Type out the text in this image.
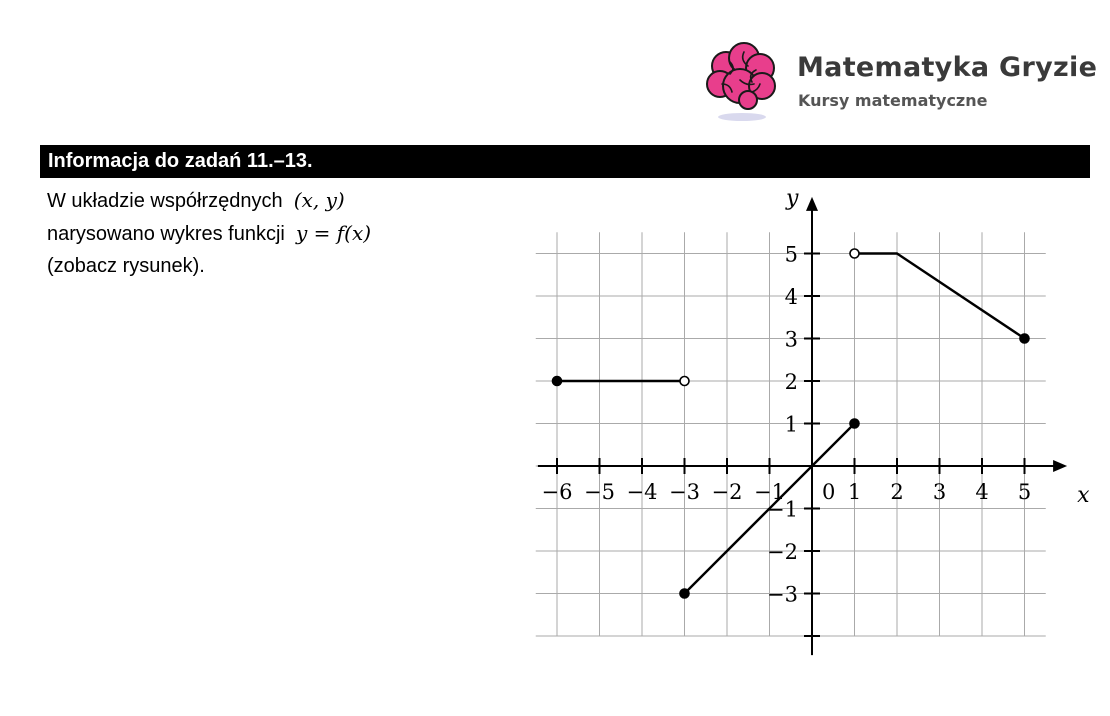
Matematyka Gryzie
Kursy matematyczne
Informacja do zadań 11.–13.
W układzie współrzędnych (x, y)
narysowano wykres funkcji y = f(x)
(zobacz rysunek).
−6 −5 −4 −3 −2 −1	1 2 3 4 5
−3
−2
−1
1
2
3
4
5
0	x
y
